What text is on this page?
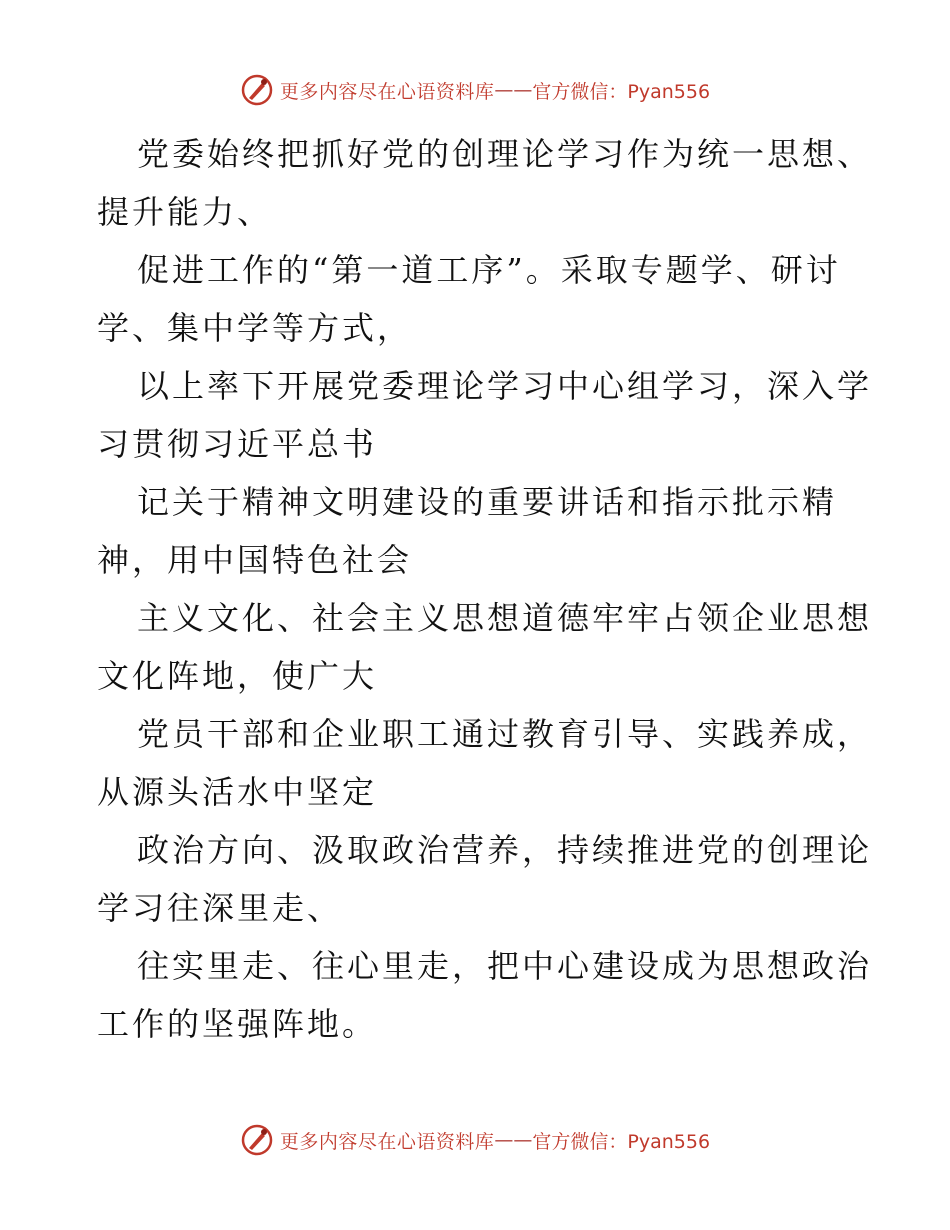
更多内容尽在心语资料库 —— 官方微信：Pyan556
党委始终把抓好党的创理论学习作为统一思想、
提升能力、
促进工作的“第一道工序”。采取专题学、研讨
学、集中学等方式，
以上率下开展党委理论学习中心组学习，深入学
习贯彻习近平总书
记关于精神文明建设的重要讲话和指示批示精
神，用中国特色社会
主义文化、社会主义思想道德牢牢占领企业思想
文化阵地，使广大
党员干部和企业职工通过教育引导、实践养成，
从源头活水中坚定
政治方向、汲取政治营养，持续推进党的创理论
学习往深里走、
往实里走、往心里走，把中心建设成为思想政治
工作的坚强阵地。
更多内容尽在心语资料库 —— 官方微信：Pyan556
